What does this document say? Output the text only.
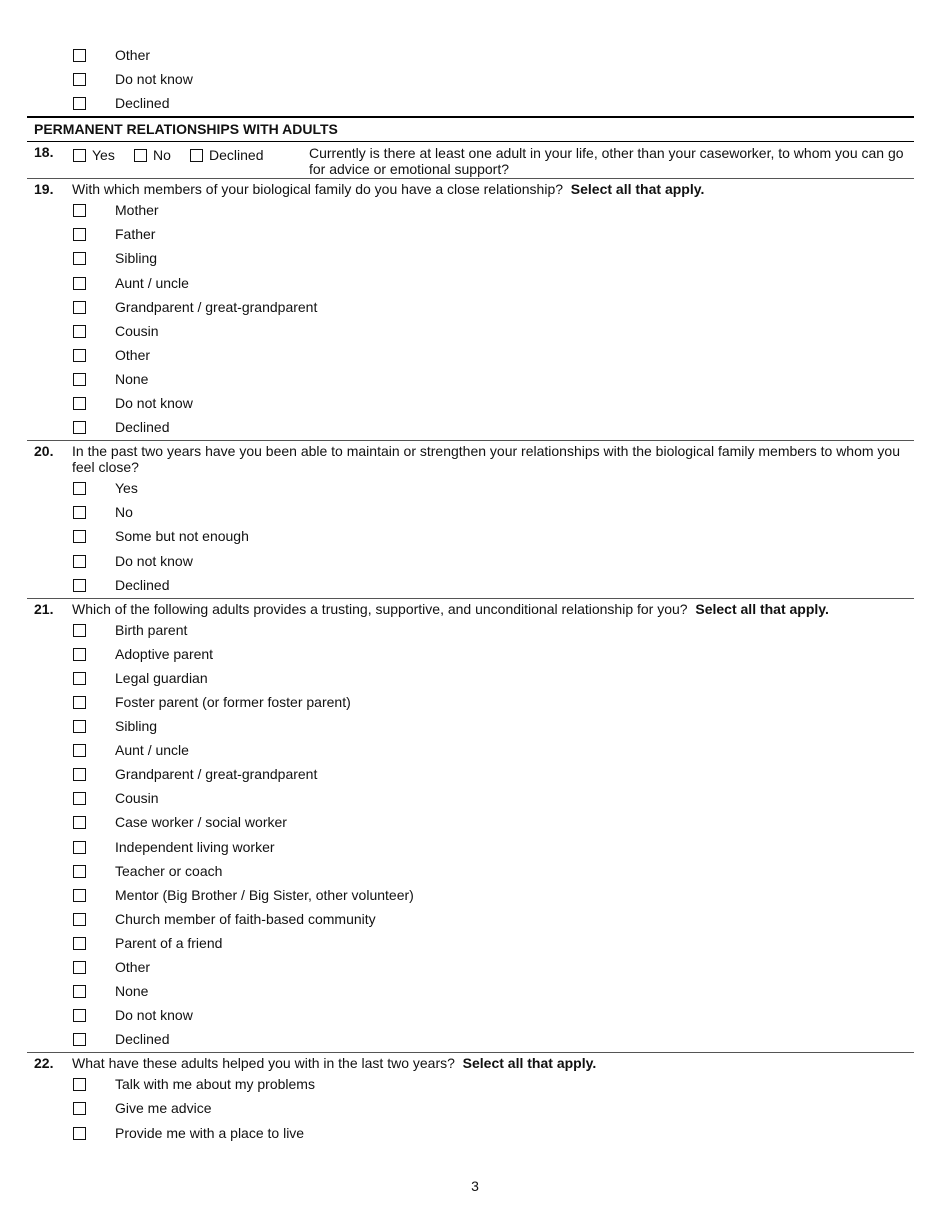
Other
Do not know
Declined
PERMANENT RELATIONSHIPS WITH ADULTS
18.	Yes	No	Declined	Currently is there at least one adult in your life, other than your caseworker, to whom you can go for advice or emotional support?
19. With which members of your biological family do you have a close relationship? Select all that apply.
Mother
Father
Sibling
Aunt / uncle
Grandparent / great-grandparent
Cousin
Other
None
Do not know
Declined
20. In the past two years have you been able to maintain or strengthen your relationships with the biological family members to whom you feel close?
Yes
No
Some but not enough
Do not know
Declined
21. Which of the following adults provides a trusting, supportive, and unconditional relationship for you? Select all that apply.
Birth parent
Adoptive parent
Legal guardian
Foster parent (or former foster parent)
Sibling
Aunt / uncle
Grandparent / great-grandparent
Cousin
Case worker / social worker
Independent living worker
Teacher or coach
Mentor (Big Brother / Big Sister, other volunteer)
Church member of faith-based community
Parent of a friend
Other
None
Do not know
Declined
22. What have these adults helped you with in the last two years? Select all that apply.
Talk with me about my problems
Give me advice
Provide me with a place to live
3
